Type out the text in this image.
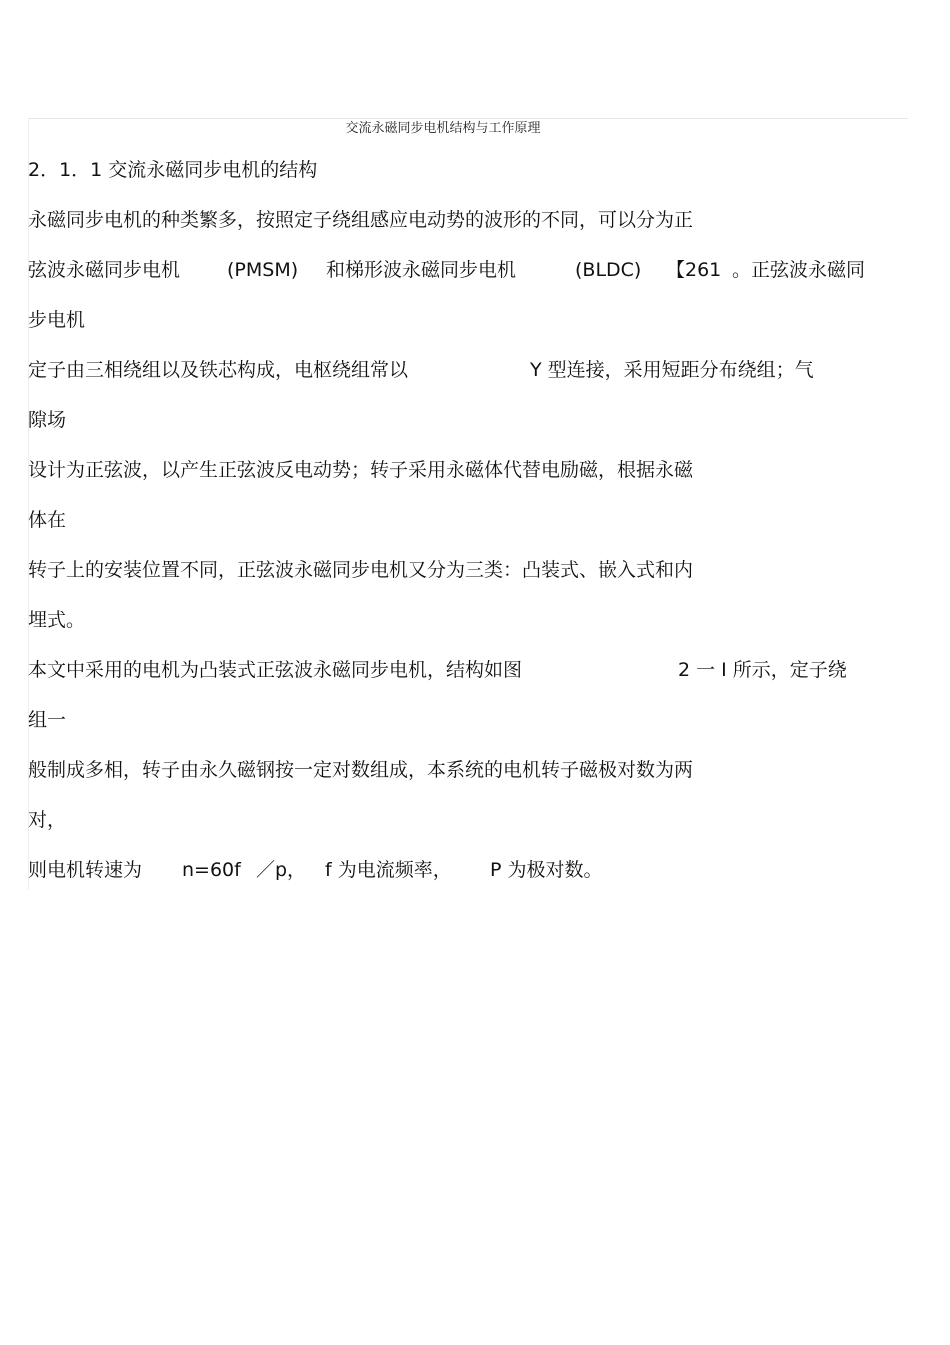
交流永磁同步电机结构与工作原理
2．1．1 交流永磁同步电机的结构
永磁同步电机的种类繁多，按照定子绕组感应电动势的波形的不同，可以分为正

弦波永磁同步电机

(PMSM)

和梯形波永磁同步电机

	(BLDC)

【261

。正弦波永磁同

步电机

定子由三相绕组以及铁芯构成，电枢绕组常以

	Y 型连接，采用短距分布绕组；气

隙场
设计为正弦波，以产生正弦波反电动势；转子采用永磁体代替电励磁，根据永磁
体在
转子上的安装位置不同，正弦波永磁同步电机又分为三类：凸装式、嵌入式和内
埋式。

本文中采用的电机为凸装式正弦波永磁同步电机，结构如图

	2 一 I 所示，定子绕

组一
般制成多相，转子由永久磁钢按一定对数组成，本系统的电机转子磁极对数为两
对，

则电机转速为

n=60f

／p，

f 为电流频率，

P 为极对数。
